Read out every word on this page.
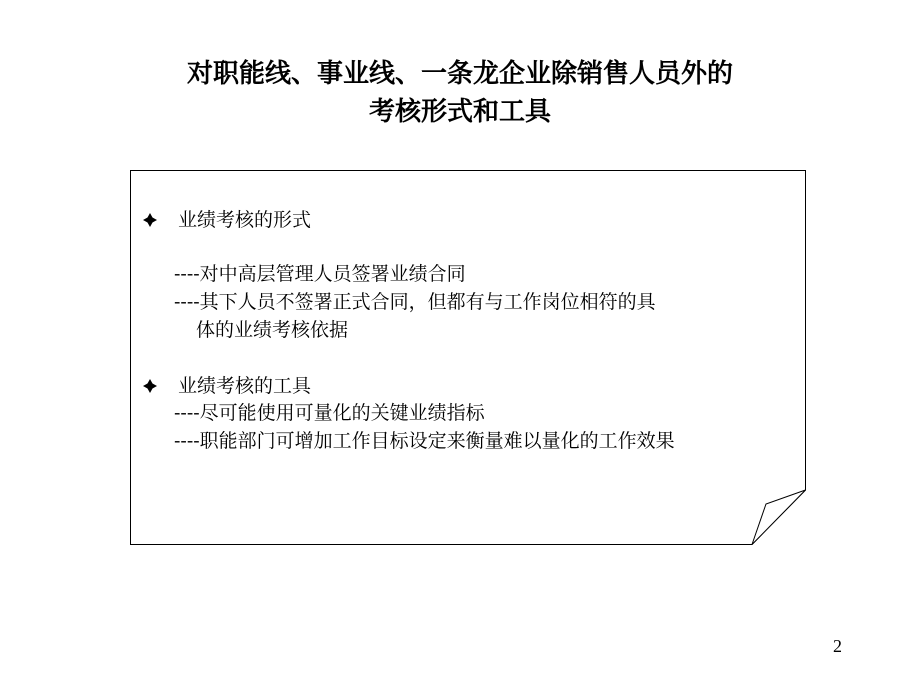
对职能线、事业线、一条龙企业除销售人员外的
考核形式和工具
业绩考核的形式
----对中高层管理人员签署业绩合同
----其下人员不签署正式合同，但都有与工作岗位相符的具
体的业绩考核依据
业绩考核的工具
----尽可能使用可量化的关键业绩指标
----职能部门可增加工作目标设定来衡量难以量化的工作效果
2
